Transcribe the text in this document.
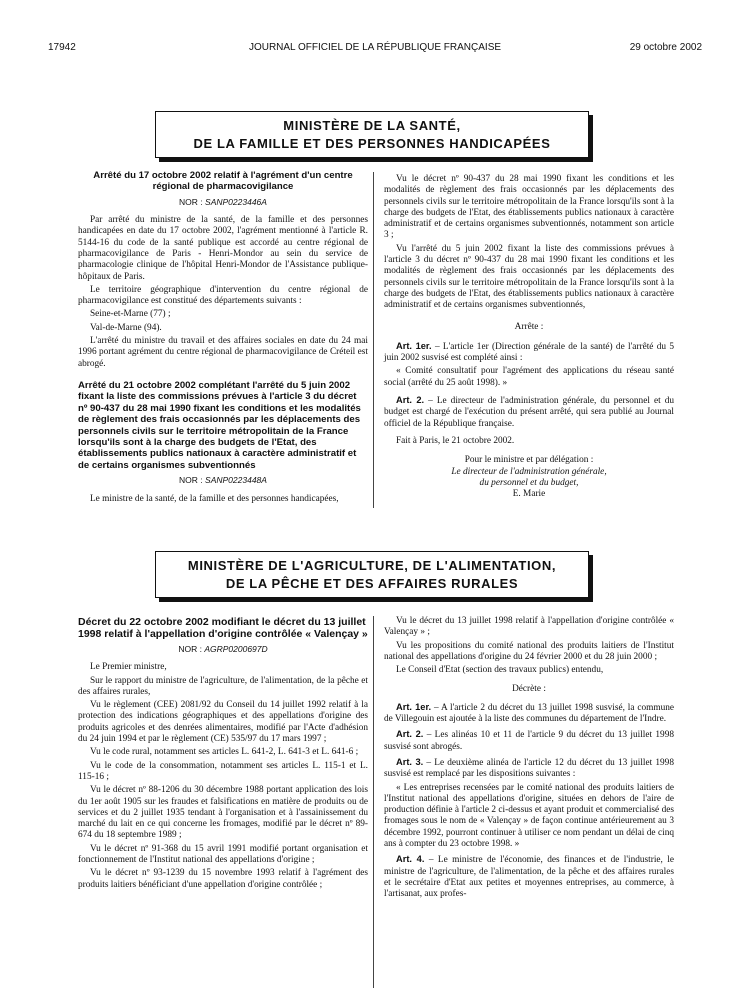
17942	JOURNAL OFFICIEL DE LA RÉPUBLIQUE FRANÇAISE	29 octobre 2002
MINISTÈRE DE LA SANTÉ,
DE LA FAMILLE ET DES PERSONNES HANDICAPÉES
Arrêté du 17 octobre 2002 relatif à l'agrément d'un centre régional de pharmacovigilance
NOR : SANP0223446A

Par arrêté du ministre de la santé, de la famille et des personnes handicapées en date du 17 octobre 2002, l'agrément mentionné à l'article R. 5144-16 du code de la santé publique est accordé au centre régional de pharmacovigilance de Paris - Henri-Mondor au sein du service de pharmacologie clinique de l'hôpital Henri-Mondor de l'Assistance publique-hôpitaux de Paris.

Le territoire géographique d'intervention du centre régional de pharmacovigilance est constitué des départements suivants :

Seine-et-Marne (77) ;

Val-de-Marne (94).

L'arrêté du ministre du travail et des affaires sociales en date du 24 mai 1996 portant agrément du centre régional de pharmacovigilance de Créteil est abrogé.

Arrêté du 21 octobre 2002 complétant l'arrêté du 5 juin 2002 fixant la liste des commissions prévues à l'article 3 du décret nº 90-437 du 28 mai 1990 fixant les conditions et les modalités de règlement des frais occasionnés par les déplacements des personnels civils sur le territoire métropolitain de la France lorsqu'ils sont à la charge des budgets de l'Etat, des établissements publics nationaux à caractère administratif et de certains organismes subventionnés
NOR : SANP0223448A

Le ministre de la santé, de la famille et des personnes handicapées,

Vu le décret nº 90-437 du 28 mai 1990 fixant les conditions et les modalités de règlement des frais occasionnés par les déplacements des personnels civils sur le territoire métropolitain de la France lorsqu'ils sont à la charge des budgets de l'Etat, des établissements publics nationaux à caractère administratif et de certains organismes subventionnés, notamment son article 3 ;

Vu l'arrêté du 5 juin 2002 fixant la liste des commissions prévues à l'article 3 du décret nº 90-437 du 28 mai 1990 fixant les conditions et les modalités de règlement des frais occasionnés par les déplacements des personnels civils sur le territoire métropolitain de la France lorsqu'ils sont à la charge des budgets de l'Etat, des établissements publics nationaux à caractère administratif et de certains organismes subventionnés,

Arrête :

Art. 1er. – L'article 1er (Direction générale de la santé) de l'arrêté du 5 juin 2002 susvisé est complété ainsi :

« Comité consultatif pour l'agrément des applications du réseau santé social (arrêté du 25 août 1998). »

Art. 2. – Le directeur de l'administration générale, du personnel et du budget est chargé de l'exécution du présent arrêté, qui sera publié au Journal officiel de la République française.

Fait à Paris, le 21 octobre 2002.

Pour le ministre et par délégation :

Le directeur de l'administration générale,

du personnel et du budget,

E. Marie

MINISTÈRE DE L'AGRICULTURE, DE L'ALIMENTATION,
DE LA PÊCHE ET DES AFFAIRES RURALES
Décret du 22 octobre 2002 modifiant le décret du 13 juillet 1998 relatif à l'appellation d'origine contrôlée « Valençay »
NOR : AGRP0200697D

Le Premier ministre,

Sur le rapport du ministre de l'agriculture, de l'alimentation, de la pêche et des affaires rurales,

Vu le règlement (CEE) 2081/92 du Conseil du 14 juillet 1992 relatif à la protection des indications géographiques et des appellations d'origine des produits agricoles et des denrées alimentaires, modifié par l'Acte d'adhésion du 24 juin 1994 et par le règlement (CE) 535/97 du 17 mars 1997 ;

Vu le code rural, notamment ses articles L. 641-2, L. 641-3 et L. 641-6 ;

Vu le code de la consommation, notamment ses articles L. 115-1 et L. 115-16 ;

Vu le décret nº 88-1206 du 30 décembre 1988 portant application des lois du 1er août 1905 sur les fraudes et falsifications en matière de produits ou de services et du 2 juillet 1935 tendant à l'organisation et à l'assainissement du marché du lait en ce qui concerne les fromages, modifié par le décret nº 89-674 du 18 septembre 1989 ;

Vu le décret nº 91-368 du 15 avril 1991 modifié portant organisation et fonctionnement de l'Institut national des appellations d'origine ;

Vu le décret nº 93-1239 du 15 novembre 1993 relatif à l'agrément des produits laitiers bénéficiant d'une appellation d'origine contrôlée ;

Vu le décret du 13 juillet 1998 relatif à l'appellation d'origine contrôlée « Valençay » ;

Vu les propositions du comité national des produits laitiers de l'Institut national des appellations d'origine du 24 février 2000 et du 28 juin 2000 ;

Le Conseil d'Etat (section des travaux publics) entendu,

Décrète :

Art. 1er. – A l'article 2 du décret du 13 juillet 1998 susvisé, la commune de Villegouin est ajoutée à la liste des communes du département de l'Indre.

Art. 2. – Les alinéas 10 et 11 de l'article 9 du décret du 13 juillet 1998 susvisé sont abrogés.

Art. 3. – Le deuxième alinéa de l'article 12 du décret du 13 juillet 1998 susvisé est remplacé par les dispositions suivantes :

« Les entreprises recensées par le comité national des produits laitiers de l'Institut national des appellations d'origine, situées en dehors de l'aire de production définie à l'article 2 ci-dessus et ayant produit et commercialisé des fromages sous le nom de « Valençay » de façon continue antérieurement au 3 décembre 1992, pourront continuer à utiliser ce nom pendant un délai de cinq ans à compter du 23 octobre 1998. »

Art. 4. – Le ministre de l'économie, des finances et de l'industrie, le ministre de l'agriculture, de l'alimentation, de la pêche et des affaires rurales et le secrétaire d'Etat aux petites et moyennes entreprises, au commerce, à l'artisanat, aux profes-
